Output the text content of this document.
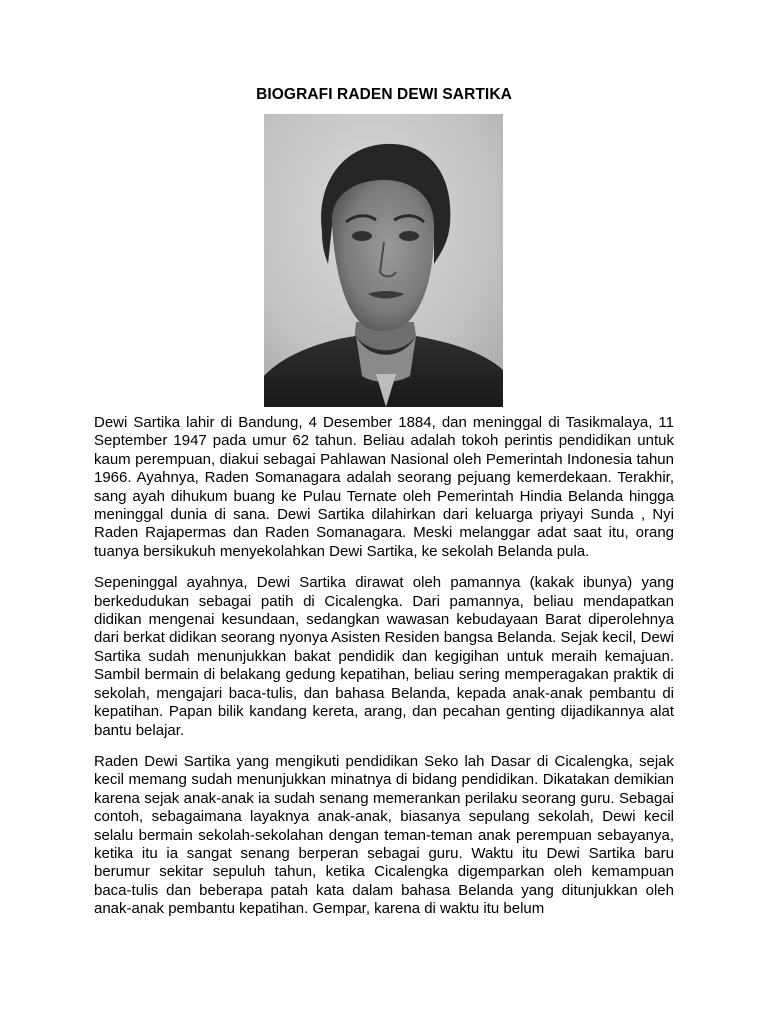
BIOGRAFI RADEN DEWI SARTIKA

Dewi Sartika lahir di Bandung, 4 Desember 1884, dan meninggal di Tasikmalaya, 11 September 1947 pada umur 62 tahun. Beliau adalah tokoh perintis pendidikan untuk kaum perempuan, diakui sebagai Pahlawan Nasional oleh Pemerintah Indonesia tahun 1966. Ayahnya, Raden Somanagara adalah seorang pejuang kemerdekaan. Terakhir, sang ayah dihukum buang ke Pulau Ternate oleh Pemerintah Hindia Belanda hingga meninggal dunia di sana. Dewi Sartika dilahirkan dari keluarga priyayi Sunda , Nyi Raden Rajapermas dan Raden Somanagara. Meski melanggar adat saat itu, orang tuanya bersikukuh menyekolahkan Dewi Sartika, ke sekolah Belanda pula.

Sepeninggal ayahnya, Dewi Sartika dirawat oleh pamannya (kakak ibunya) yang berkedudukan sebagai patih di Cicalengka. Dari pamannya, beliau mendapatkan didikan mengenai kesundaan, sedangkan wawasan kebudayaan Barat diperolehnya dari berkat didikan seorang nyonya Asisten Residen bangsa Belanda. Sejak kecil, Dewi Sartika sudah menunjukkan bakat pendidik dan kegigihan untuk meraih kemajuan. Sambil bermain di belakang gedung kepatihan, beliau sering memperagakan praktik di sekolah, mengajari baca-tulis, dan bahasa Belanda, kepada anak-anak pembantu di kepatihan. Papan bilik kandang kereta, arang, dan pecahan genting dijadikannya alat bantu belajar.

Raden Dewi Sartika yang mengikuti pendidikan Seko lah Dasar di Cicalengka, sejak kecil memang sudah menunjukkan minatnya di bidang pendidikan. Dikatakan demikian karena sejak anak-anak ia sudah senang memerankan perilaku seorang guru. Sebagai contoh, sebagaimana layaknya anak-anak, biasanya sepulang sekolah, Dewi kecil selalu bermain sekolah-sekolahan dengan teman-teman anak perempuan sebayanya, ketika itu ia sangat senang berperan sebagai guru. Waktu itu Dewi Sartika baru berumur sekitar sepuluh tahun, ketika Cicalengka digemparkan oleh kemampuan baca-tulis dan beberapa patah kata dalam bahasa Belanda yang ditunjukkan oleh anak-anak pembantu kepatihan. Gempar, karena di waktu itu belum
